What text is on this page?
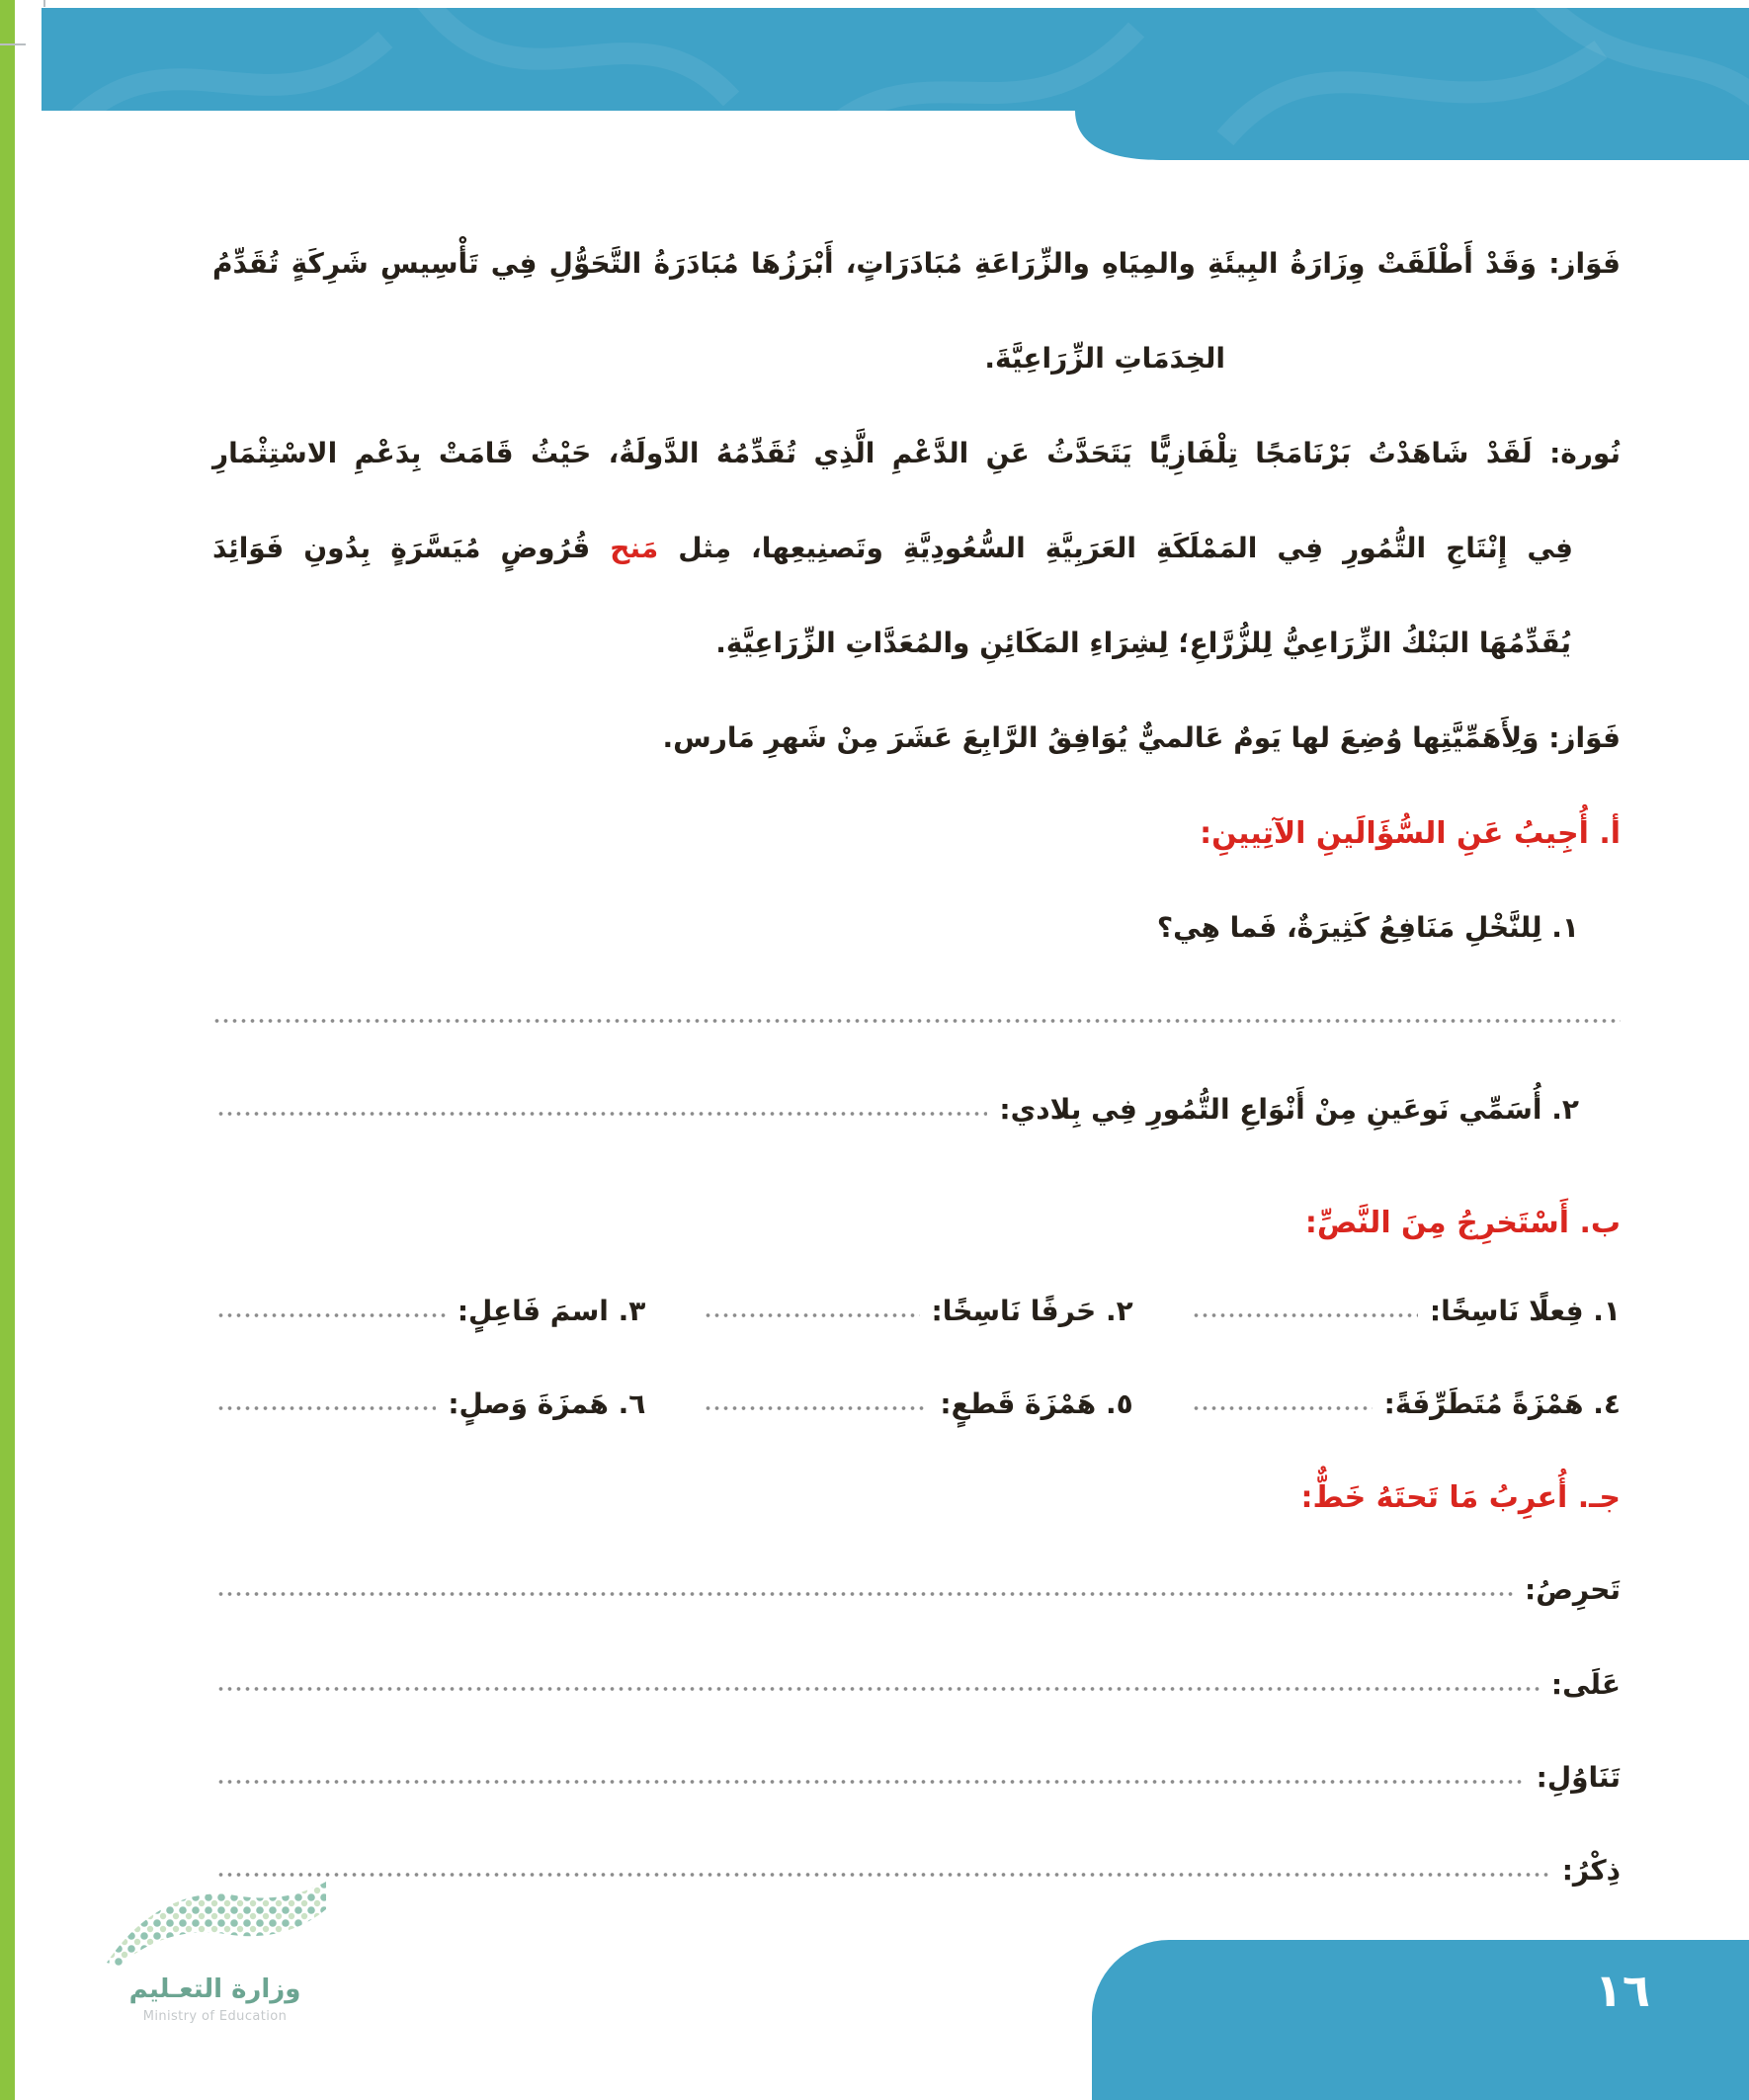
فَوَاز: وَقَدْ أَطْلَقَتْ وِزَارَةُ البِيئَةِ والمِيَاهِ والزِّرَاعَةِ مُبَادَرَاتٍ، أَبْرَزُهَا مُبَادَرَةُ التَّحَوُّلِ فِي تَأْسِيسِ شَرِكَةٍ تُقَدِّمُ
الخِدَمَاتِ الزِّرَاعِيَّةَ.
نُورة: لَقَدْ شَاهَدْتُ بَرْنَامَجًا تِلْفَازِيًّا يَتَحَدَّثُ عَنِ الدَّعْمِ الَّذِي تُقَدِّمُهُ الدَّولَةُ، حَيْثُ قَامَتْ بِدَعْمِ الاسْتِثْمَارِ
فِي إِنْتَاجِ التُّمُورِ فِي المَمْلَكَةِ العَرَبِيَّةِ السُّعُودِيَّةِ وتَصنِيعِها، مِثل مَنح قُرُوضٍ مُيَسَّرَةٍ بِدُونِ فَوَائِدَ
يُقَدِّمُهَا البَنْكُ الزِّرَاعِيُّ لِلزُّرَّاعِ؛ لِشِرَاءِ المَكَائِنِ والمُعَدَّاتِ الزِّرَاعِيَّةِ.
فَوَاز: وَلِأَهَمِّيَّتِها وُضِعَ لها يَومٌ عَالميٌّ يُوَافِقُ الرَّابِعَ عَشَرَ مِنْ شَهرِ مَارس.
أ. أُجِيبُ عَنِ السُّؤَالَينِ الآتِيينِ:
١. لِلنَّخْلِ مَنَافِعُ كَثِيرَةٌ، فَما هِي؟
٢. أُسَمِّي نَوعَينِ مِنْ أَنْوَاعِ التُّمُورِ فِي بِلادي:
ب. أَسْتَخرِجُ مِنَ النَّصِّ:
١. فِعلًا نَاسِخًا:
٢. حَرفًا نَاسِخًا:
٣. اسمَ فَاعِلٍ:
٤. هَمْزَةً مُتَطَرِّفَةً:
٥. هَمْزَةَ قَطعٍ:
٦. هَمزَةَ وَصلٍ:
جـ. أُعرِبُ مَا تَحتَهُ خَطٌّ:
تَحرِصُ:
عَلَى:
تَنَاوُلِ:
ذِكْرُ:
وزارة التعـليم
Ministry of Education	١٦
